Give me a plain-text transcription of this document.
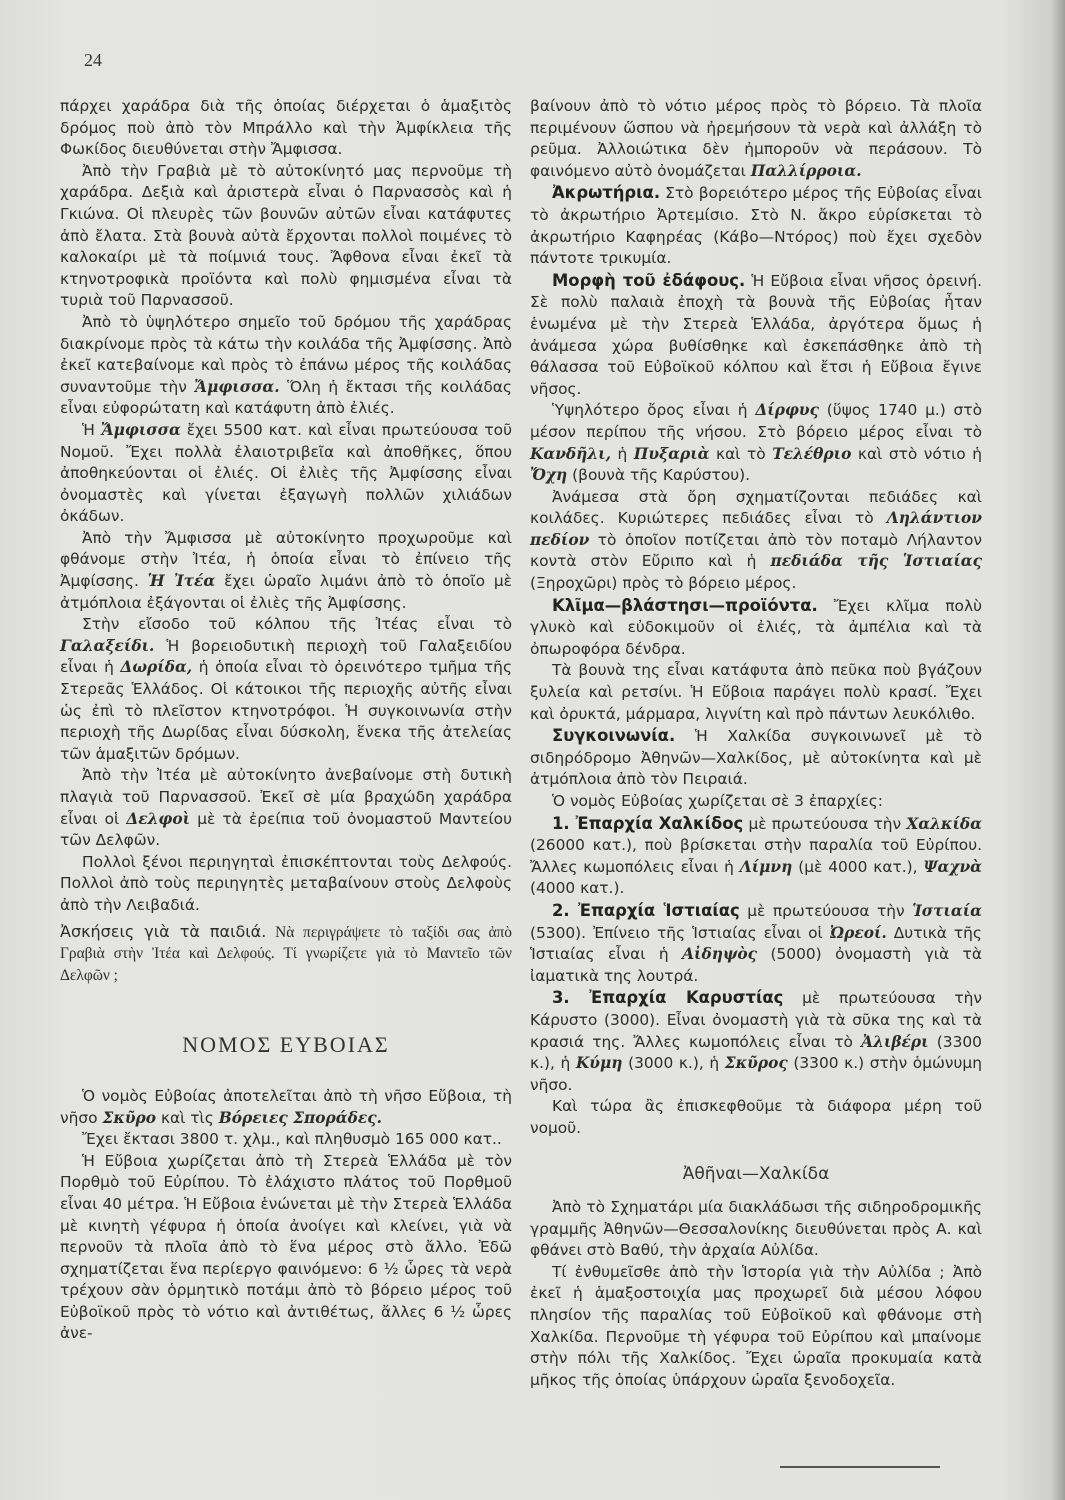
24

πάρχει χαράδρα διὰ τῆς ὁποίας διέρχεται ὁ ἁμαξιτὸς δρόμος ποὺ ἀπὸ τὸν Μπράλλο καὶ τὴν Ἀμφίκλεια τῆς Φωκίδος διευθύνεται στὴν Ἄμφισσα.

Ἀπὸ τὴν Γραβιὰ μὲ τὸ αὐτοκίνητό μας περνοῦμε τὴ χαράδρα. Δεξιὰ καὶ ἀριστερὰ εἶναι ὁ Παρνασσὸς καὶ ἡ Γκιώνα. Οἱ πλευρὲς τῶν βουνῶν αὐτῶν εἶναι κατάφυτες ἀπὸ ἔλατα. Στὰ βουνὰ αὐτὰ ἔρχονται πολλοὶ ποιμένες τὸ καλοκαίρι μὲ τὰ ποίμνιά τους. Ἄφθονα εἶναι ἐκεῖ τὰ κτηνοτροφικὰ προϊόντα καὶ πολὺ φημισμένα εἶναι τὰ τυριὰ τοῦ Παρνασσοῦ.

Ἀπὸ τὸ ὑψηλότερο σημεῖο τοῦ δρόμου τῆς χαράδρας διακρίνομε πρὸς τὰ κάτω τὴν κοιλάδα τῆς Ἀμφίσσης. Ἀπὸ ἐκεῖ κατεβαίνομε καὶ πρὸς τὸ ἐπάνω μέρος τῆς κοιλάδας συναντοῦμε τὴν Ἄμφισσα. Ὅλη ἡ ἔκτασι τῆς κοιλάδας εἶναι εὐφορώτατη καὶ κατάφυτη ἀπὸ ἐλιές.

Ἡ Ἄμφισσα ἔχει 5500 κατ. καὶ εἶναι πρωτεύουσα τοῦ Νομοῦ. Ἔχει πολλὰ ἐλαιοτριβεῖα καὶ ἀποθῆκες, ὅπου ἀποθηκεύονται οἱ ἐλιές. Οἱ ἐλιὲς τῆς Ἀμφίσσης εἶναι ὀνομαστὲς καὶ γίνεται ἐξαγωγὴ πολλῶν χιλιάδων ὀκάδων.

Ἀπὸ τὴν Ἄμφισσα μὲ αὐτοκίνητο προχωροῦμε καὶ φθάνομε στὴν Ἰτέα, ἡ ὁποία εἶναι τὸ ἐπίνειο τῆς Ἀμφίσσης. Ἡ Ἰτέα ἔχει ὡραῖο λιμάνι ἀπὸ τὸ ὁποῖο μὲ ἀτμόπλοια ἐξάγονται οἱ ἐλιὲς τῆς Ἀμφίσσης.

Στὴν εἴσοδο τοῦ κόλπου τῆς Ἰτέας εἶναι τὸ Γαλαξείδι. Ἡ βορειοδυτικὴ περιοχὴ τοῦ Γαλαξειδίου εἶναι ἡ Δωρίδα, ἡ ὁποία εἶναι τὸ ὀρεινότερο τμῆμα τῆς Στερεᾶς Ἑλλάδος. Οἱ κάτοικοι τῆς περιοχῆς αὐτῆς εἶναι ὡς ἐπὶ τὸ πλεῖστον κτηνοτρόφοι. Ἡ συγκοινωνία στὴν περιοχὴ τῆς Δωρίδας εἶναι δύσκολη, ἕνεκα τῆς ἀτελείας τῶν ἁμαξιτῶν δρόμων.

Ἀπὸ τὴν Ἰτέα μὲ αὐτοκίνητο ἀνεβαίνομε στὴ δυτικὴ πλαγιὰ τοῦ Παρνασσοῦ. Ἐκεῖ σὲ μία βραχώδη χαράδρα εἶναι οἱ Δελφοὶ μὲ τὰ ἐρείπια τοῦ ὀνομαστοῦ Μαντείου τῶν Δελφῶν.

Πολλοὶ ξένοι περιηγηταὶ ἐπισκέπτονται τοὺς Δελφούς. Πολλοὶ ἀπὸ τοὺς περιηγητὲς μεταβαίνουν στοὺς Δελφοὺς ἀπὸ τὴν Λειβαδιά.

Ἀσκήσεις γιὰ τὰ παιδιά. Νὰ περιγράψετε τὸ ταξίδι σας ἀπὸ Γραβιὰ στὴν Ἰτέα καὶ Δελφούς. Τί γνωρίζετε γιὰ τὸ Μαντεῖο τῶν Δελφῶν ;

ΝΟΜΟΣ ΕΥΒΟΙΑΣ

Ὁ νομὸς Εὐβοίας ἀποτελεῖται ἀπὸ τὴ νῆσο Εὔβοια, τὴ νῆσο Σκῦρο καὶ τὶς Βόρειες Σποράδες.

Ἔχει ἔκτασι 3800 τ. χλμ., καὶ πληθυσμὸ 165 000 κατ..

Ἡ Εὔβοια χωρίζεται ἀπὸ τὴ Στερεὰ Ἑλλάδα μὲ τὸν Πορθμὸ τοῦ Εὐρίπου. Τὸ ἐλάχιστο πλάτος τοῦ Πορθμοῦ εἶναι 40 μέτρα. Ἡ Εὔβοια ἑνώνεται μὲ τὴν Στερεὰ Ἑλλάδα μὲ κινητὴ γέφυρα ἡ ὁποία ἀνοίγει καὶ κλείνει, γιὰ νὰ περνοῦν τὰ πλοῖα ἀπὸ τὸ ἕνα μέρος στὸ ἄλλο. Ἐδῶ σχηματίζεται ἕνα περίεργο φαινόμενο: 6 ½ ὧρες τὰ νερὰ τρέχουν σὰν ὁρμητικὸ ποτάμι ἀπὸ τὸ βόρειο μέρος τοῦ Εὐβοϊκοῦ πρὸς τὸ νότιο καὶ ἀντιθέτως, ἄλλες 6 ½ ὧρες ἀνε-

βαίνουν ἀπὸ τὸ νότιο μέρος πρὸς τὸ βόρειο. Τὰ πλοῖα περιμένουν ὥσπου νὰ ἠρεμήσουν τὰ νερὰ καὶ ἀλλάξη τὸ ρεῦμα. Ἀλλοιώτικα δὲν ἠμποροῦν νὰ περάσουν. Τὸ φαινόμενο αὐτὸ ὀνομάζεται Παλλίρροια.

Ἀκρωτήρια. Στὸ βορειότερο μέρος τῆς Εὐβοίας εἶναι τὸ ἀκρωτήριο Ἀρτεμίσιο. Στὸ Ν. ἄκρο εὑρίσκεται τὸ ἀκρωτήριο Καφηρέας (Κάβο—Ντόρος) ποὺ ἔχει σχεδὸν πάντοτε τρικυμία.

Μορφὴ τοῦ ἐδάφους. Ἡ Εὔβοια εἶναι νῆσος ὀρεινή. Σὲ πολὺ παλαιὰ ἐποχὴ τὰ βουνὰ τῆς Εὐβοίας ἦταν ἑνωμένα μὲ τὴν Στερεὰ Ἑλλάδα, ἀργότερα ὅμως ἡ ἀνάμεσα χώρα βυθίσθηκε καὶ ἐσκεπάσθηκε ἀπὸ τὴ θάλασσα τοῦ Εὐβοϊκοῦ κόλπου καὶ ἔτσι ἡ Εὔβοια ἔγινε νῆσος.

Ὑψηλότερο ὄρος εἶναι ἡ Δίρφυς (ὕψος 1740 μ.) στὸ μέσον περίπου τῆς νήσου. Στὸ βόρειο μέρος εἶναι τὸ Κανδῆλι, ἡ Πυξαριὰ καὶ τὸ Τελέθριο καὶ στὸ νότιο ἡ Ὄχη (βουνὰ τῆς Καρύστου).

Ἀνάμεσα στὰ ὄρη σχηματίζονται πεδιάδες καὶ κοιλάδες. Κυριώτερες πεδιάδες εἶναι τὸ Ληλάντιον πεδίον τὸ ὁποῖον ποτίζεται ἀπὸ τὸν ποταμὸ Λήλαντον κοντὰ στὸν Εὔριπο καὶ ἡ πεδιάδα τῆς Ἱστιαίας (Ξηροχῶρι) πρὸς τὸ βόρειο μέρος.

Κλῖμα—βλάστησι—προϊόντα. Ἔχει κλῖμα πολὺ γλυκὸ καὶ εὐδοκιμοῦν οἱ ἐλιές, τὰ ἀμπέλια καὶ τὰ ὀπωροφόρα δένδρα.

Τὰ βουνὰ της εἶναι κατάφυτα ἀπὸ πεῦκα ποὺ βγάζουν ξυλεία καὶ ρετσίνι. Ἡ Εὔβοια παράγει πολὺ κρασί. Ἔχει καὶ ὀρυκτά, μάρμαρα, λιγνίτη καὶ πρὸ πάντων λευκόλιθο.

Συγκοινωνία. Ἡ Χαλκίδα συγκοινωνεῖ μὲ τὸ σιδηρόδρομο Ἀθηνῶν—Χαλκίδος, μὲ αὐτοκίνητα καὶ μὲ ἀτμόπλοια ἀπὸ τὸν Πειραιά.

Ὁ νομὸς Εὐβοίας χωρίζεται σὲ 3 ἐπαρχίες:

1. Ἐπαρχία Χαλκίδος μὲ πρωτεύουσα τὴν Χαλκίδα (26000 κατ.), ποὺ βρίσκεται στὴν παραλία τοῦ Εὐρίπου. Ἄλλες κωμοπόλεις εἶναι ἡ Λίμνη (μὲ 4000 κατ.), Ψαχνὰ (4000 κατ.).

2. Ἐπαρχία Ἱστιαίας μὲ πρωτεύουσα τὴν Ἱστιαία (5300). Ἐπίνειο τῆς Ἱστιαίας εἶναι οἱ Ὠρεοί. Δυτικὰ τῆς Ἱστιαίας εἶναι ἡ Αἰδηψὸς (5000) ὀνομαστὴ γιὰ τὰ ἰαματικὰ της λουτρά.

3. Ἐπαρχία Καρυστίας μὲ πρωτεύουσα τὴν Κάρυστο (3000). Εἶναι ὀνομαστὴ γιὰ τὰ σῦκα της καὶ τὰ κρασιά της. Ἄλλες κωμοπόλεις εἶναι τὸ Ἀλιβέρι (3300 κ.), ἡ Κύμη (3000 κ.), ἡ Σκῦρος (3300 κ.) στὴν ὁμώνυμη νῆσο.

Καὶ τώρα ἂς ἐπισκεφθοῦμε τὰ διάφορα μέρη τοῦ νομοῦ.

Ἀθῆναι—Χαλκίδα

Ἀπὸ τὸ Σχηματάρι μία διακλάδωσι τῆς σιδηροδρομικῆς γραμμῆς Ἀθηνῶν—Θεσσαλονίκης διευθύνεται πρὸς Α. καὶ φθάνει στὸ Βαθύ, τὴν ἀρχαία Αὐλίδα.

Τί ἐνθυμεῖσθε ἀπὸ τὴν Ἱστορία γιὰ τὴν Αὐλίδα ; Ἀπὸ ἐκεῖ ἡ ἁμαξοστοιχία μας προχωρεῖ διὰ μέσου λόφου πλησίον τῆς παραλίας τοῦ Εὐβοϊκοῦ καὶ φθάνομε στὴ Χαλκίδα. Περνοῦμε τὴ γέφυρα τοῦ Εὐρίπου καὶ μπαίνομε στὴν πόλι τῆς Χαλκίδος. Ἔχει ὡραῖα προκυμαία κατὰ μῆκος τῆς ὁποίας ὑπάρχουν ὡραῖα ξενοδοχεῖα.
